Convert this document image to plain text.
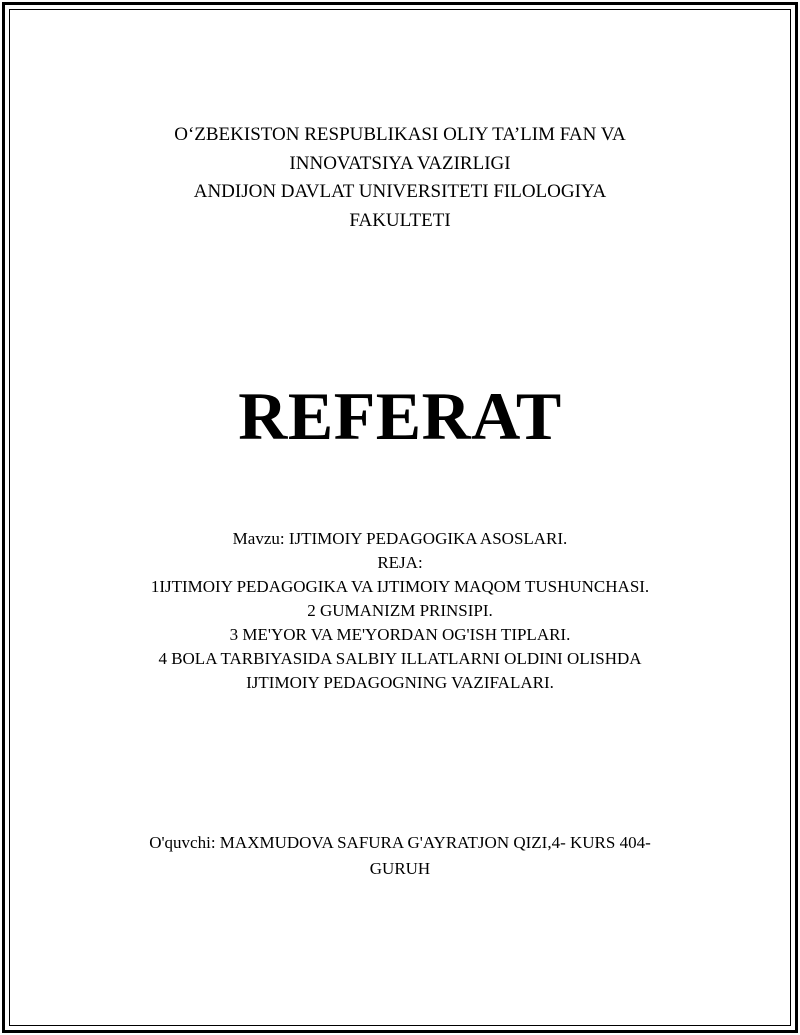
O‘ZBEKISTON RESPUBLIKASI OLIY TA’LIM FAN VA
INNOVATSIYA VAZIRLIGI
ANDIJON DAVLAT UNIVERSITETI FILOLOGIYA
FAKULTETI
REFERAT
Mavzu: IJTIMOIY PEDAGOGIKA ASOSLARI.
REJA:
1IJTIMOIY PEDAGOGIKA VA IJTIMOIY MAQOM TUSHUNCHASI.
2 GUMANIZM PRINSIPI.
3 ME'YOR VA ME'YORDAN OG'ISH TIPLARI.
4 BOLA TARBIYASIDA SALBIY ILLATLARNI OLDINI OLISHDA
IJTIMOIY PEDAGOGNING VAZIFALARI.
O'quvchi: MAXMUDOVA SAFURA G'AYRATJON QIZI,4- KURS 404-
GURUH
